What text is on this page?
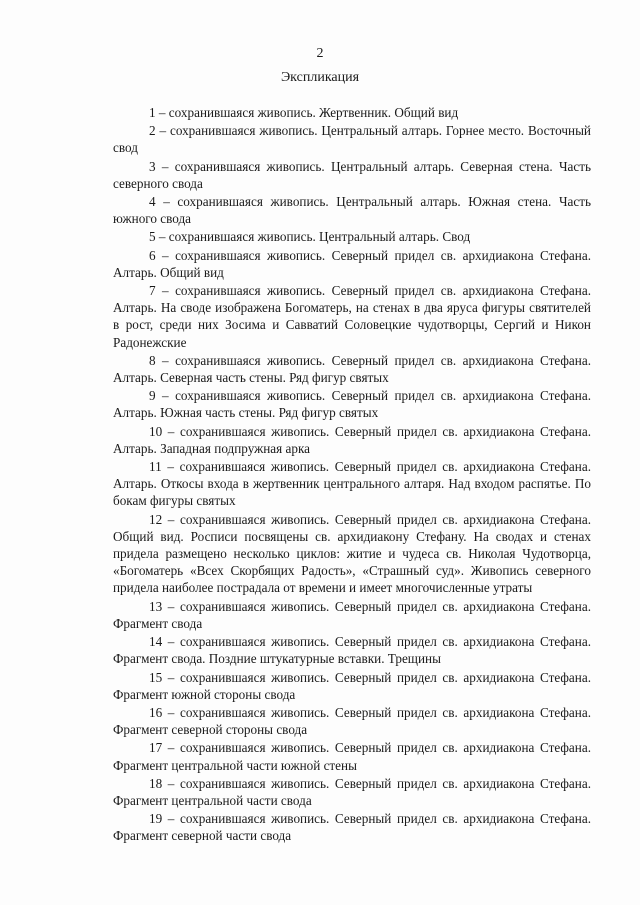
2
Экспликация
1 – сохранившаяся живопись. Жертвенник. Общий вид
2 – сохранившаяся живопись. Центральный алтарь. Горнее место. Восточный свод
3 – сохранившаяся живопись. Центральный алтарь. Северная стена. Часть северного свода
4 – сохранившаяся живопись. Центральный алтарь. Южная стена. Часть южного свода
5 – сохранившаяся живопись. Центральный алтарь. Свод
6 – сохранившаяся живопись. Северный придел св. архидиакона Стефана. Алтарь. Общий вид
7 – сохранившаяся живопись. Северный придел св. архидиакона Стефана. Алтарь. На своде изображена Богоматерь, на стенах в два яруса фигуры святителей в рост, среди них Зосима и Савватий Соловецкие чудотворцы, Сергий и Никон Радонежские
8 – сохранившаяся живопись. Северный придел св. архидиакона Стефана. Алтарь. Северная часть стены. Ряд фигур святых
9 – сохранившаяся живопись. Северный придел св. архидиакона Стефана. Алтарь. Южная часть стены. Ряд фигур святых
10 – сохранившаяся живопись. Северный придел св. архидиакона Стефана. Алтарь. Западная подпружная арка
11 – сохранившаяся живопись. Северный придел св. архидиакона Стефана. Алтарь. Откосы входа в жертвенник центрального алтаря. Над входом распятье. По бокам фигуры святых
12 – сохранившаяся живопись. Северный придел св. архидиакона Стефана. Общий вид. Росписи посвящены св. архидиакону Стефану. На сводах и стенах придела размещено несколько циклов: житие и чудеса св. Николая Чудотворца, «Богоматерь «Всех Скорбящих Радость», «Страшный суд». Живопись северного придела наиболее пострадала от времени и имеет многочисленные утраты
13 – сохранившаяся живопись. Северный придел св. архидиакона Стефана. Фрагмент свода
14 – сохранившаяся живопись. Северный придел св. архидиакона Стефана. Фрагмент свода. Поздние штукатурные вставки. Трещины
15 – сохранившаяся живопись. Северный придел св. архидиакона Стефана. Фрагмент южной стороны свода
16 – сохранившаяся живопись. Северный придел св. архидиакона Стефана. Фрагмент северной стороны свода
17 – сохранившаяся живопись. Северный придел св. архидиакона Стефана. Фрагмент центральной части южной стены
18 – сохранившаяся живопись. Северный придел св. архидиакона Стефана. Фрагмент центральной части свода
19 – сохранившаяся живопись. Северный придел св. архидиакона Стефана. Фрагмент северной части свода
